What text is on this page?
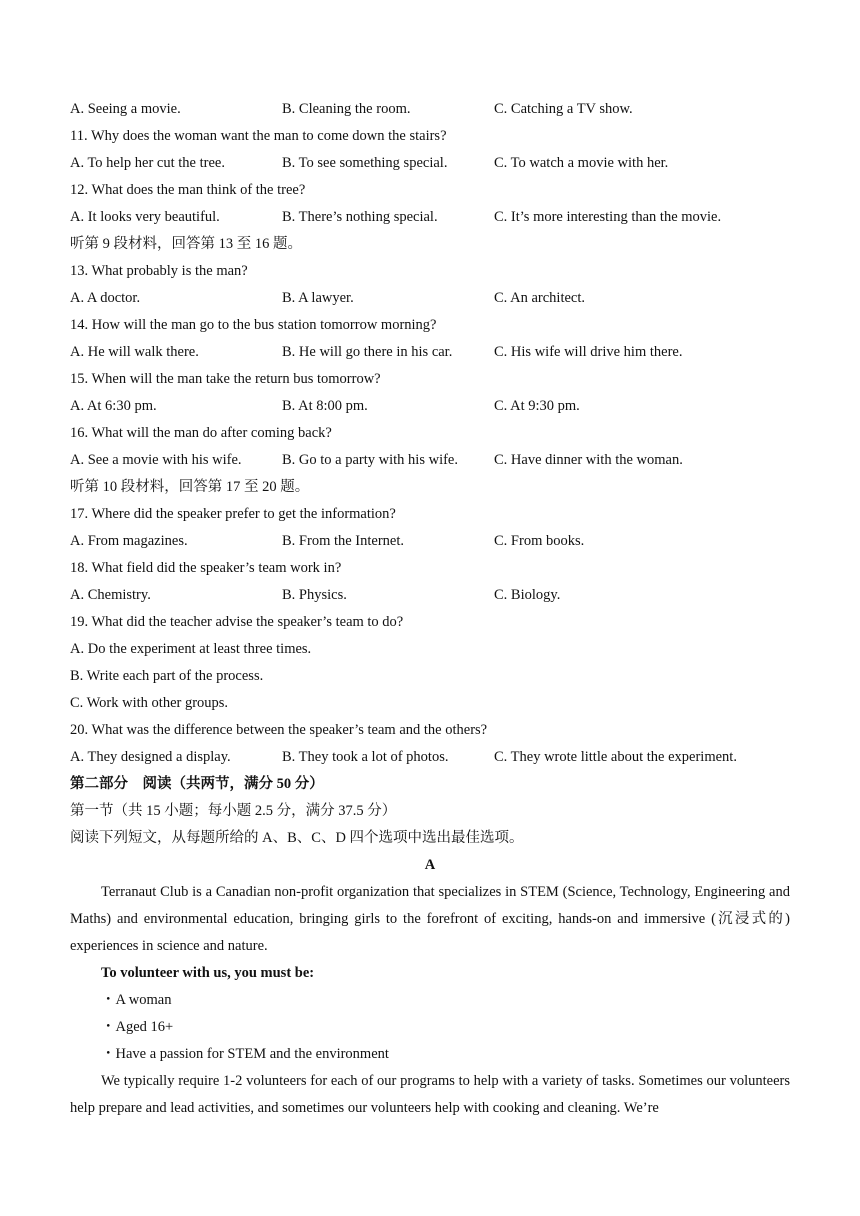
A. Seeing a movie.	B. Cleaning the room.	C. Catching a TV show.
11. Why does the woman want the man to come down the stairs?
A. To help her cut the tree.	B. To see something special.	C. To watch a movie with her.
12. What does the man think of the tree?
A. It looks very beautiful.	B. There’s nothing special.	C. It’s more interesting than the movie.
听第 9 段材料，回答第 13 至 16 题。
13. What probably is the man?
A. A doctor.	B. A lawyer.	C. An architect.
14. How will the man go to the bus station tomorrow morning?
A. He will walk there.	B. He will go there in his car.	C. His wife will drive him there.
15. When will the man take the return bus tomorrow?
A. At 6:30 pm.	B. At 8:00 pm.	C. At 9:30 pm.
16. What will the man do after coming back?
A. See a movie with his wife.	B. Go to a party with his wife. C. Have dinner with the woman.
听第 10 段材料，回答第 17 至 20 题。
17. Where did the speaker prefer to get the information?
A. From magazines.	B. From the Internet.	C. From books.
18. What field did the speaker’s team work in?
A. Chemistry.	B. Physics.	C. Biology.
19. What did the teacher advise the speaker’s team to do?
A. Do the experiment at least three times.
B. Write each part of the process.
C. Work with other groups.
20. What was the difference between the speaker’s team and the others?
A. They designed a display.	B. They took a lot of photos.	C. They wrote little about the experiment.
第二部分　阅读（共两节，满分 50 分）
第一节（共 15 小题；每小题 2.5 分，满分 37.5 分）
阅读下列短文，从每题所给的 A、B、C、D 四个选项中选出最佳选项。
A
Terranaut Club is a Canadian non-profit organization that specializes in STEM (Science, Technology, Engineering and Maths) and environmental education, bringing girls to the forefront of exciting, hands-on and immersive (沉浸式的) experiences in science and nature.
To volunteer with us, you must be:
・A woman
・Aged 16+
・Have a passion for STEM and the environment
We typically require 1-2 volunteers for each of our programs to help with a variety of tasks. Sometimes our volunteers help prepare and lead activities, and sometimes our volunteers help with cooking and cleaning. We’re
